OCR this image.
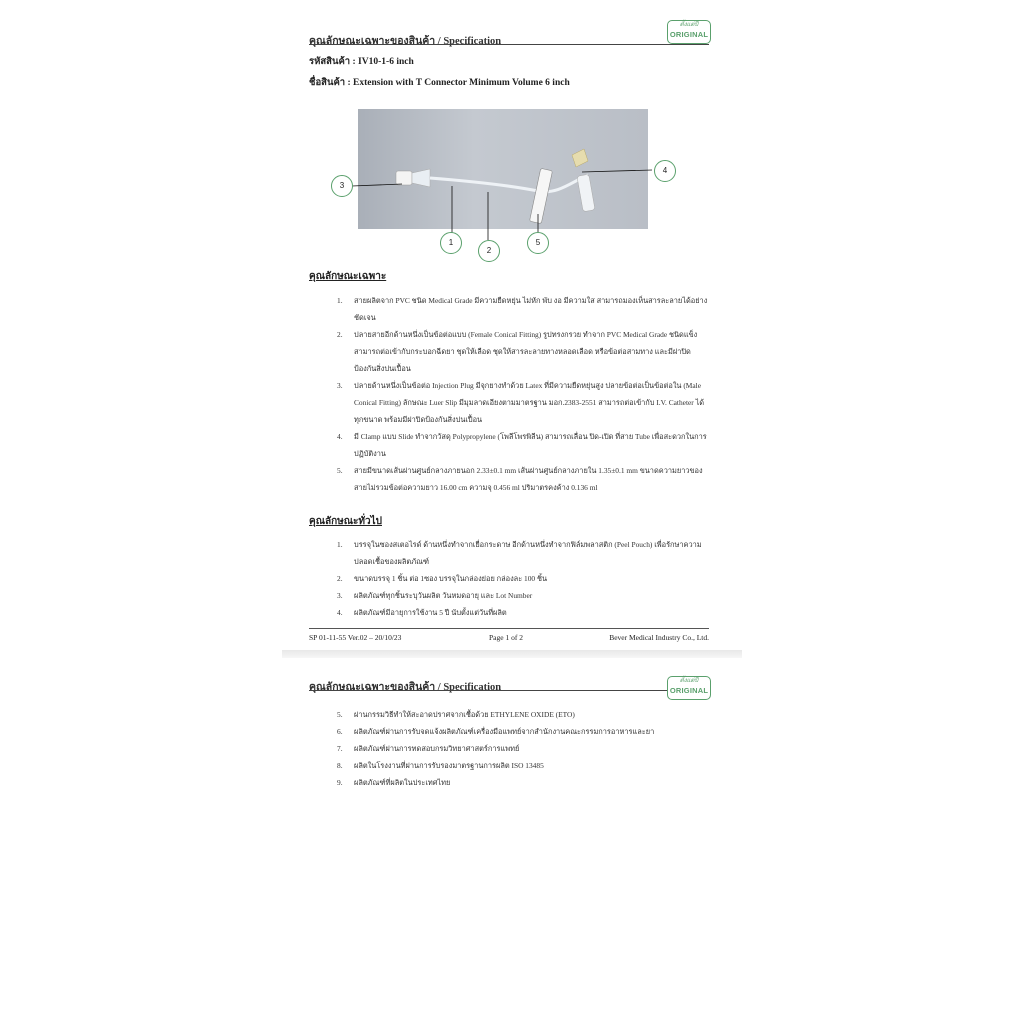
คุณลักษณะเฉพาะของสินค้า / Specification
ตั้งแต่ปี
ORIGINAL
รหัสสินค้า : IV10-1-6 inch
ชื่อสินค้า : Extension with T Connector Minimum Volume 6 inch
3
1
2
5
4
คุณลักษณะเฉพาะ
1. สายผลิตจาก PVC ชนิด Medical Grade มีความยืดหยุ่น ไม่หัก พับ งอ มีความใส สามารถมองเห็นสารละลายได้อย่างชัดเจน
2. ปลายสายอีกด้านหนึ่งเป็นข้อต่อแบบ (Female Conical Fitting) รูปทรงกรวย ทำจาก PVC Medical Grade ชนิดแข็ง สามารถต่อเข้ากับกระบอกฉีดยา ชุดให้เลือด ชุดให้สารละลายทางหลอดเลือด หรือข้อต่อสามทาง และมีฝาปิดป้องกันสิ่งปนเปื้อน
3. ปลายด้านหนึ่งเป็นข้อต่อ Injection Plug มีจุกยางทำด้วย Latex ที่มีความยืดหยุ่นสูง ปลายข้อต่อเป็นข้อต่อใน (Male Conical Fitting) ลักษณะ Luer Slip มีมุมลาดเอียงตามมาตรฐาน มอก.2383-2551 สามารถต่อเข้ากับ I.V. Catheter ได้ทุกขนาด พร้อมมีฝาปิดป้องกันสิ่งปนเปื้อน
4. มี Clamp แบบ Slide ทำจากวัสดุ Polypropylene (โพลีโพรพิลีน) สามารถเลื่อน ปิด-เปิด ที่สาย Tube เพื่อสะดวกในการปฏิบัติงาน
5. สายมีขนาดเส้นผ่านศูนย์กลางภายนอก 2.33±0.1 mm เส้นผ่านศูนย์กลางภายใน 1.35±0.1 mm ขนาดความยาวของสายไม่รวมข้อต่อความยาว 16.00 cm ความจุ 0.456 ml ปริมาตรคงค้าง 0.136 ml
คุณลักษณะทั่วไป
1. บรรจุในซองสเตอไรด์ ด้านหนึ่งทำจากเยื่อกระดาษ อีกด้านหนึ่งทำจากฟิล์มพลาสติก (Peel Pouch) เพื่อรักษาความปลอดเชื้อของผลิตภัณฑ์
2. ขนาดบรรจุ 1 ชิ้น ต่อ 1ซอง บรรจุในกล่องย่อย กล่องละ 100 ชิ้น
3. ผลิตภัณฑ์ทุกชิ้นระบุวันผลิต วันหมดอายุ และ Lot Number
4. ผลิตภัณฑ์มีอายุการใช้งาน 5 ปี นับตั้งแต่วันที่ผลิต
SP 01-11-55 Ver.02 – 20/10/23	Page 1 of 2	Bever Medical Industry Co., Ltd.
คุณลักษณะเฉพาะของสินค้า / Specification
ตั้งแต่ปี
ORIGINAL
5. ผ่านกรรมวิธีทำให้สะอาดปราศจากเชื้อด้วย ETHYLENE OXIDE (ETO)
6. ผลิตภัณฑ์ผ่านการรับจดแจ้งผลิตภัณฑ์เครื่องมือแพทย์จากสำนักงานคณะกรรมการอาหารและยา
7. ผลิตภัณฑ์ผ่านการทดสอบกรมวิทยาศาสตร์การแพทย์
8. ผลิตในโรงงานที่ผ่านการรับรองมาตรฐานการผลิต ISO 13485
9. ผลิตภัณฑ์ที่ผลิตในประเทศไทย
